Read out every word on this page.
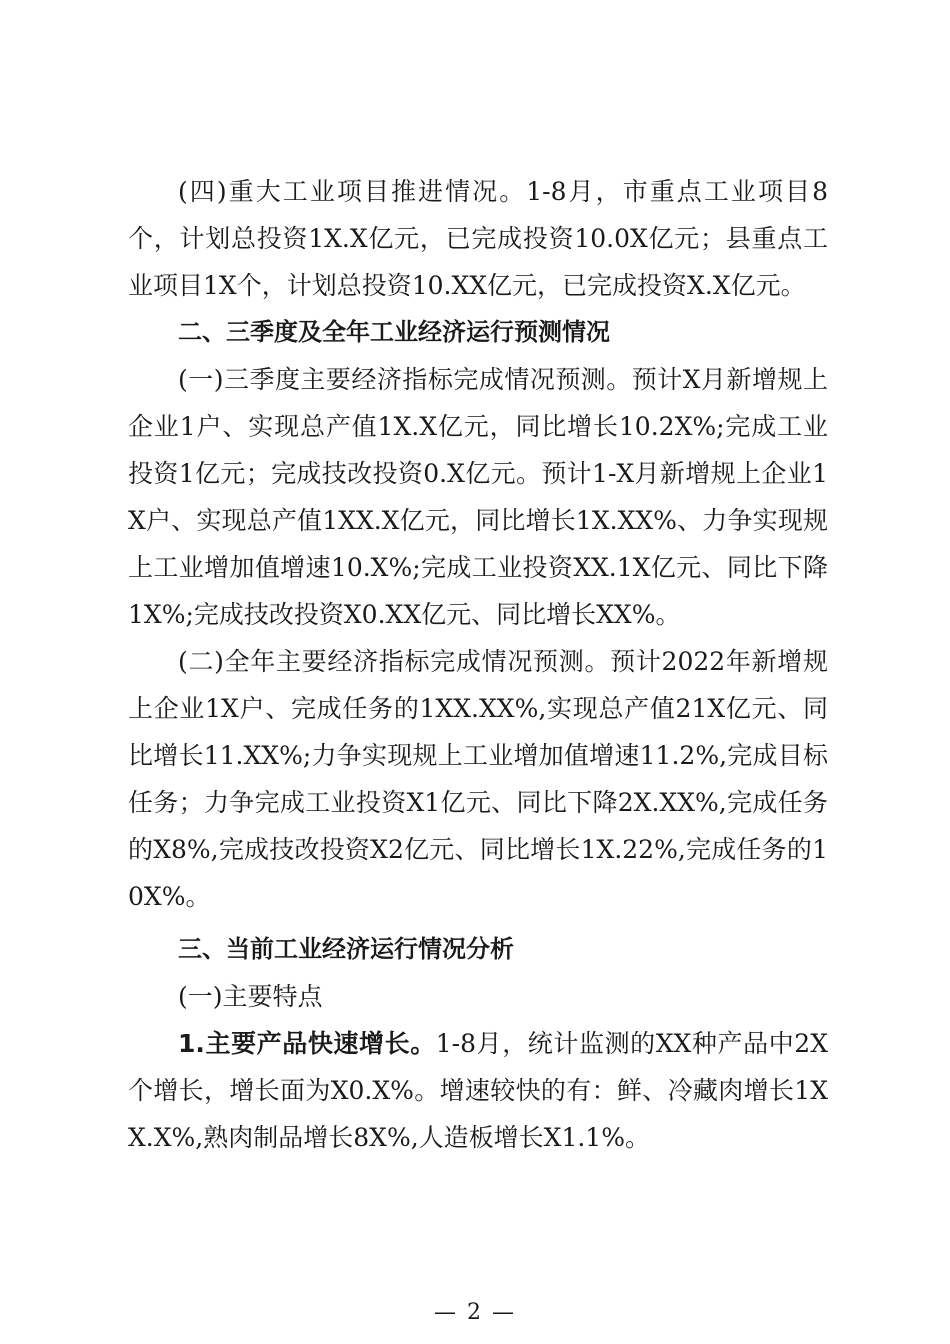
(四)重大工业项目推进情况。1-8月，市重点工业项目8个，计划总投资1X.X亿元，已完成投资10.0X亿元；县重点工业项目1X个，计划总投资10.XX亿元，已完成投资X.X亿元。

二、三季度及全年工业经济运行预测情况

(一)三季度主要经济指标完成情况预测。预计X月新增规上企业1户、实现总产值1X.X亿元，同比增长10.2X%;完成工业投资1亿元；完成技改投资0.X亿元。预计1-X月新增规上企业1X户、实现总产值1XX.X亿元，同比增长1X.XX%、力争实现规上工业增加值增速10.X%;完成工业投资XX.1X亿元、同比下降1X%;完成技改投资X0.XX亿元、同比增长XX%。

(二)全年主要经济指标完成情况预测。预计2022年新增规上企业1X户、完成任务的1XX.XX%,实现总产值21X亿元、同比增长11.XX%;力争实现规上工业增加值增速11.2%,完成目标任务；力争完成工业投资X1亿元、同比下降2X.XX%,完成任务的X8%,完成技改投资X2亿元、同比增长1X.22%,完成任务的10X%。

三、当前工业经济运行情况分析

(一)主要特点

1.主要产品快速增长。1-8月，统计监测的XX种产品中2X个增长，增长面为X0.X%。增速较快的有：鲜、冷藏肉增长1XX.X%,熟肉制品增长8X%,人造板增长X1.1%。

— 2 —
